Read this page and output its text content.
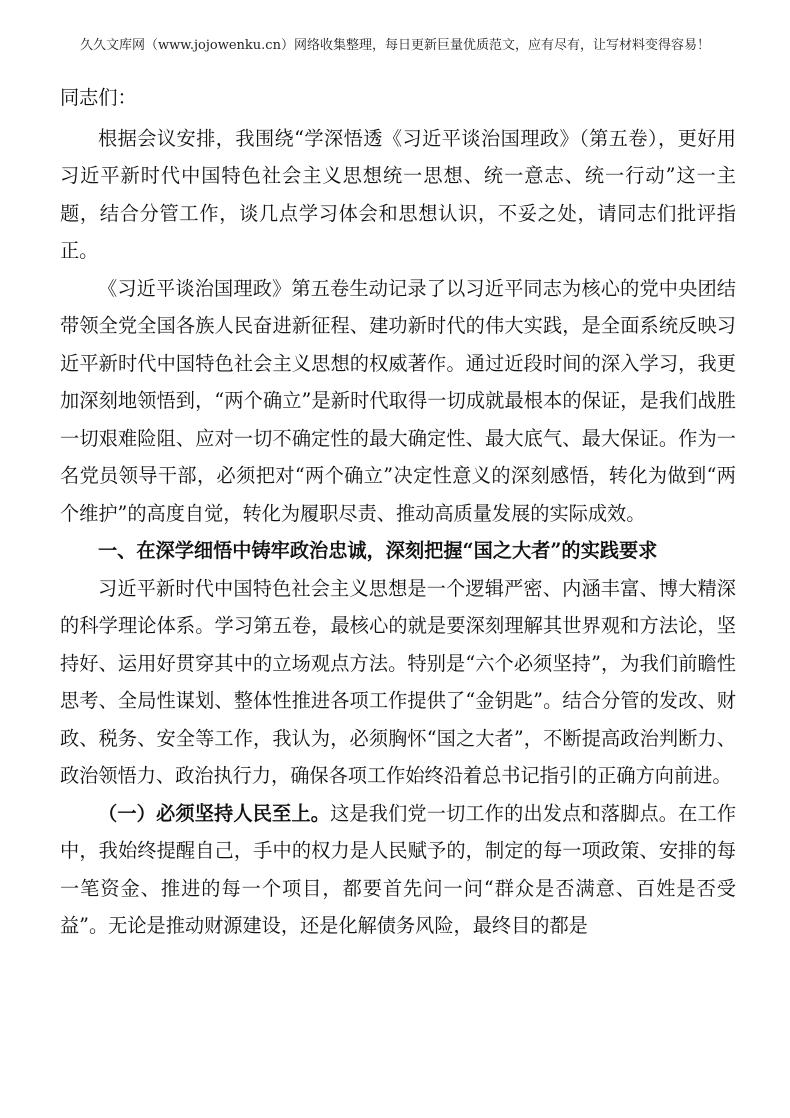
久久文库网（www.jojowenku.cn）网络收集整理，每日更新巨量优质范文，应有尽有，让写材料变得容易！

同志们：

根据会议安排，我围绕“学深悟透《习近平谈治国理政》（第五卷），更好用习近平新时代中国特色社会主义思想统一思想、统一意志、统一行动”这一主题，结合分管工作，谈几点学习体会和思想认识，不妥之处，请同志们批评指正。

《习近平谈治国理政》第五卷生动记录了以习近平同志为核心的党中央团结带领全党全国各族人民奋进新征程、建功新时代的伟大实践，是全面系统反映习近平新时代中国特色社会主义思想的权威著作。通过近段时间的深入学习，我更加深刻地领悟到，“两个确立”是新时代取得一切成就最根本的保证，是我们战胜一切艰难险阻、应对一切不确定性的最大确定性、最大底气、最大保证。作为一名党员领导干部，必须把对“两个确立”决定性意义的深刻感悟，转化为做到“两个维护”的高度自觉，转化为履职尽责、推动高质量发展的实际成效。

一、在深学细悟中铸牢政治忠诚，深刻把握“国之大者”的实践要求

习近平新时代中国特色社会主义思想是一个逻辑严密、内涵丰富、博大精深的科学理论体系。学习第五卷，最核心的就是要深刻理解其世界观和方法论，坚持好、运用好贯穿其中的立场观点方法。特别是“六个必须坚持”，为我们前瞻性思考、全局性谋划、整体性推进各项工作提供了“金钥匙”。结合分管的发改、财政、税务、安全等工作，我认为，必须胸怀“国之大者”，不断提高政治判断力、政治领悟力、政治执行力，确保各项工作始终沿着总书记指引的正确方向前进。

（一）必须坚持人民至上。这是我们党一切工作的出发点和落脚点。在工作中，我始终提醒自己，手中的权力是人民赋予的，制定的每一项政策、安排的每一笔资金、推进的每一个项目，都要首先问一问“群众是否满意、百姓是否受益”。无论是推动财源建设，还是化解债务风险，最终目的都是
